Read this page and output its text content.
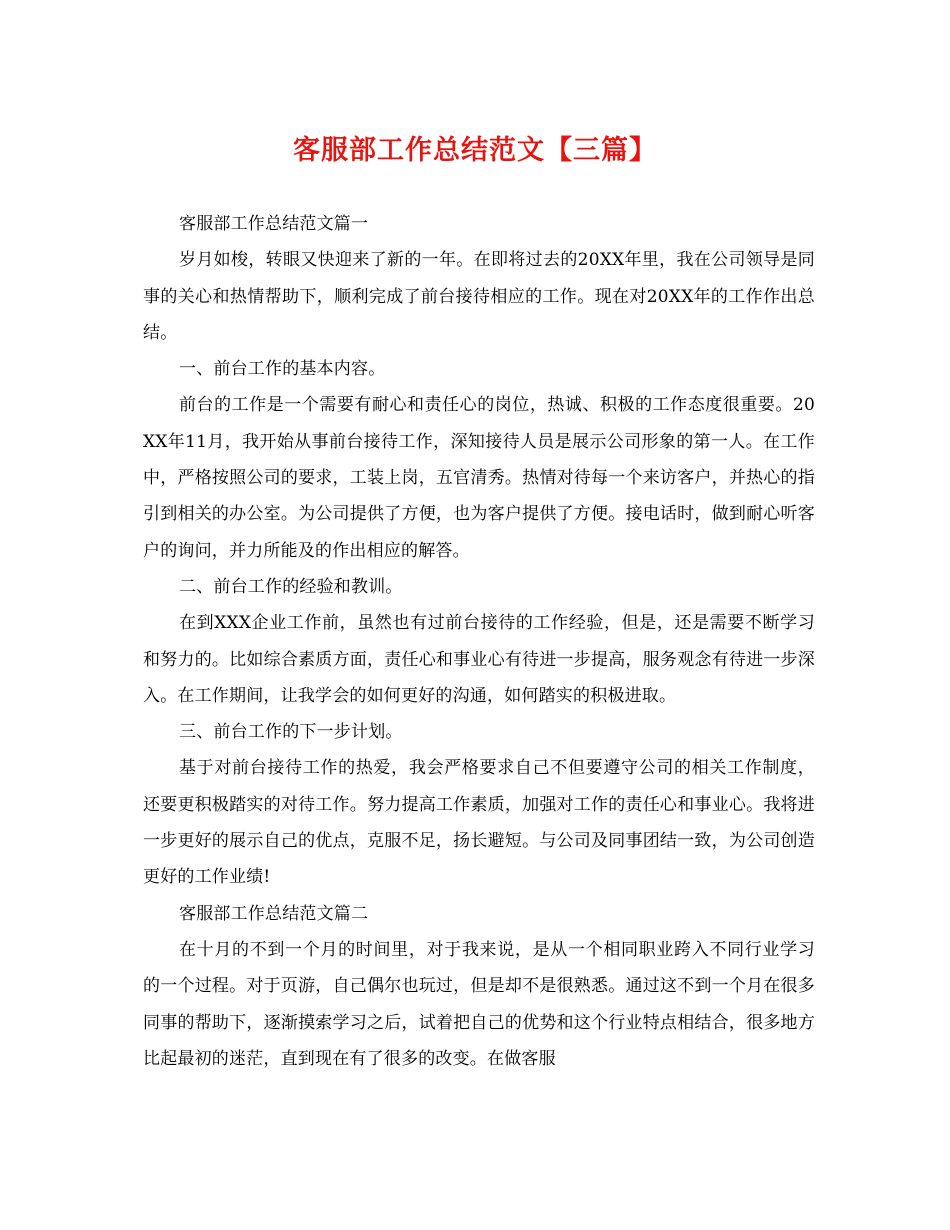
客服部工作总结范文【三篇】

客服部工作总结范文篇一

岁月如梭，转眼又快迎来了新的一年。在即将过去的20XX年里，我在公司领导是同事的关心和热情帮助下，顺利完成了前台接待相应的工作。现在对20XX年的工作作出总结。

一、前台工作的基本内容。

前台的工作是一个需要有耐心和责任心的岗位，热诚、积极的工作态度很重要。20XX年11月，我开始从事前台接待工作，深知接待人员是展示公司形象的第一人。在工作中，严格按照公司的要求，工装上岗，五官清秀。热情对待每一个来访客户，并热心的指引到相关的办公室。为公司提供了方便，也为客户提供了方便。接电话时，做到耐心听客户的询问，并力所能及的作出相应的解答。

二、前台工作的经验和教训。

在到XXX企业工作前，虽然也有过前台接待的工作经验，但是，还是需要不断学习和努力的。比如综合素质方面，责任心和事业心有待进一步提高，服务观念有待进一步深入。在工作期间，让我学会的如何更好的沟通，如何踏实的积极进取。

三、前台工作的下一步计划。

基于对前台接待工作的热爱，我会严格要求自己不但要遵守公司的相关工作制度，还要更积极踏实的对待工作。努力提高工作素质，加强对工作的责任心和事业心。我将进一步更好的展示自己的优点，克服不足，扬长避短。与公司及同事团结一致，为公司创造更好的工作业绩!

客服部工作总结范文篇二

在十月的不到一个月的时间里，对于我来说，是从一个相同职业跨入不同行业学习的一个过程。对于页游，自己偶尔也玩过，但是却不是很熟悉。通过这不到一个月在很多同事的帮助下，逐渐摸索学习之后，试着把自己的优势和这个行业特点相结合，很多地方比起最初的迷茫，直到现在有了很多的改变。在做客服
